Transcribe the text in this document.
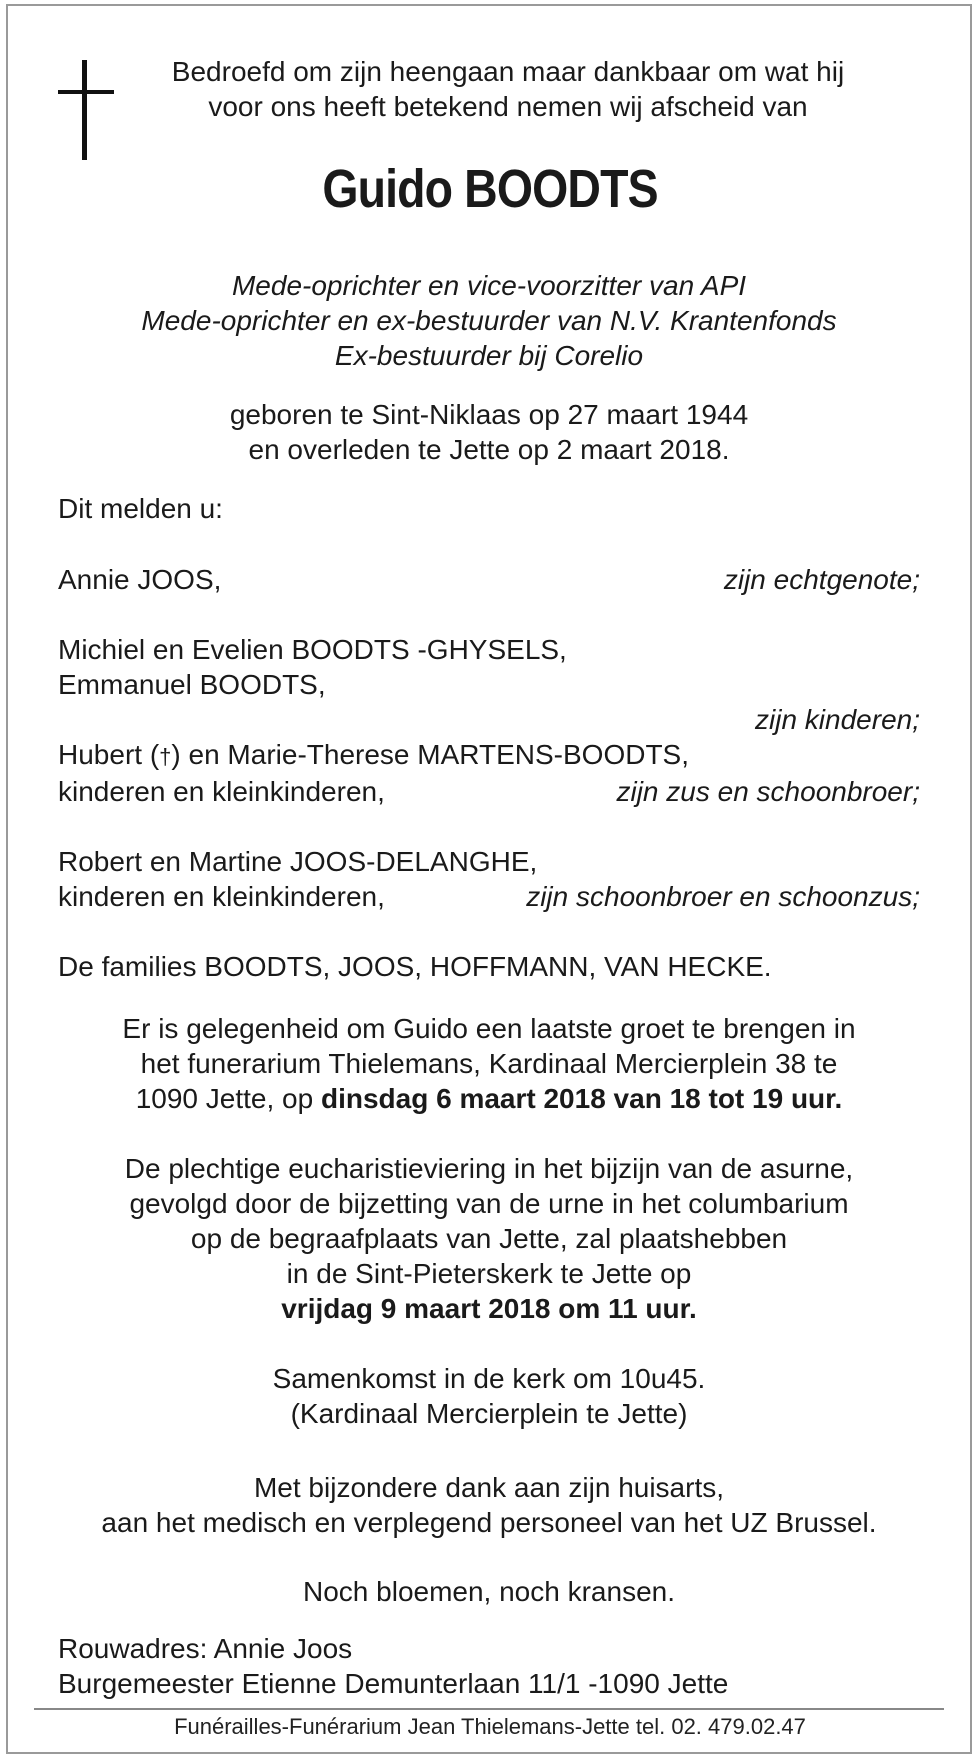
Bedroefd om zijn heengaan maar dankbaar om wat hij
voor ons heeft betekend nemen wij afscheid van

Guido BOODTS

Mede-oprichter en vice-voorzitter van API

Mede-oprichter en ex-bestuurder van N.V. Krantenfonds

Ex-bestuurder bij Corelio

geboren te Sint-Niklaas op 27 maart 1944

en overleden te Jette op 2 maart 2018.

Dit melden u:

Annie JOOS,	zijn echtgenote;

Michiel en Evelien BOODTS -GHYSELS,

Emmanuel BOODTS,

zijn kinderen;

Hubert (†) en Marie-Therese MARTENS-BOODTS,

kinderen en kleinkinderen,	zijn zus en schoonbroer;

Robert en Martine JOOS-DELANGHE,

kinderen en kleinkinderen,	zijn schoonbroer en schoonzus;

De families BOODTS, JOOS, HOFFMANN, VAN HECKE.

Er is gelegenheid om Guido een laatste groet te brengen in

het funerarium Thielemans, Kardinaal Mercierplein 38 te

1090 Jette, op dinsdag 6 maart 2018 van 18 tot 19 uur.

De plechtige eucharistieviering in het bijzijn van de asurne,

gevolgd door de bijzetting van de urne in het columbarium

op de begraafplaats van Jette, zal plaatshebben

in de Sint-Pieterskerk te Jette op

vrijdag 9 maart 2018 om 11 uur.

Samenkomst in de kerk om 10u45.

(Kardinaal Mercierplein te Jette)

Met bijzondere dank aan zijn huisarts,

aan het medisch en verplegend personeel van het UZ Brussel.

Noch bloemen, noch kransen.

Rouwadres: Annie Joos

Burgemeester Etienne Demunterlaan 11/1 -1090 Jette

Funérailles-Funérarium Jean Thielemans-Jette tel. 02. 479.02.47
